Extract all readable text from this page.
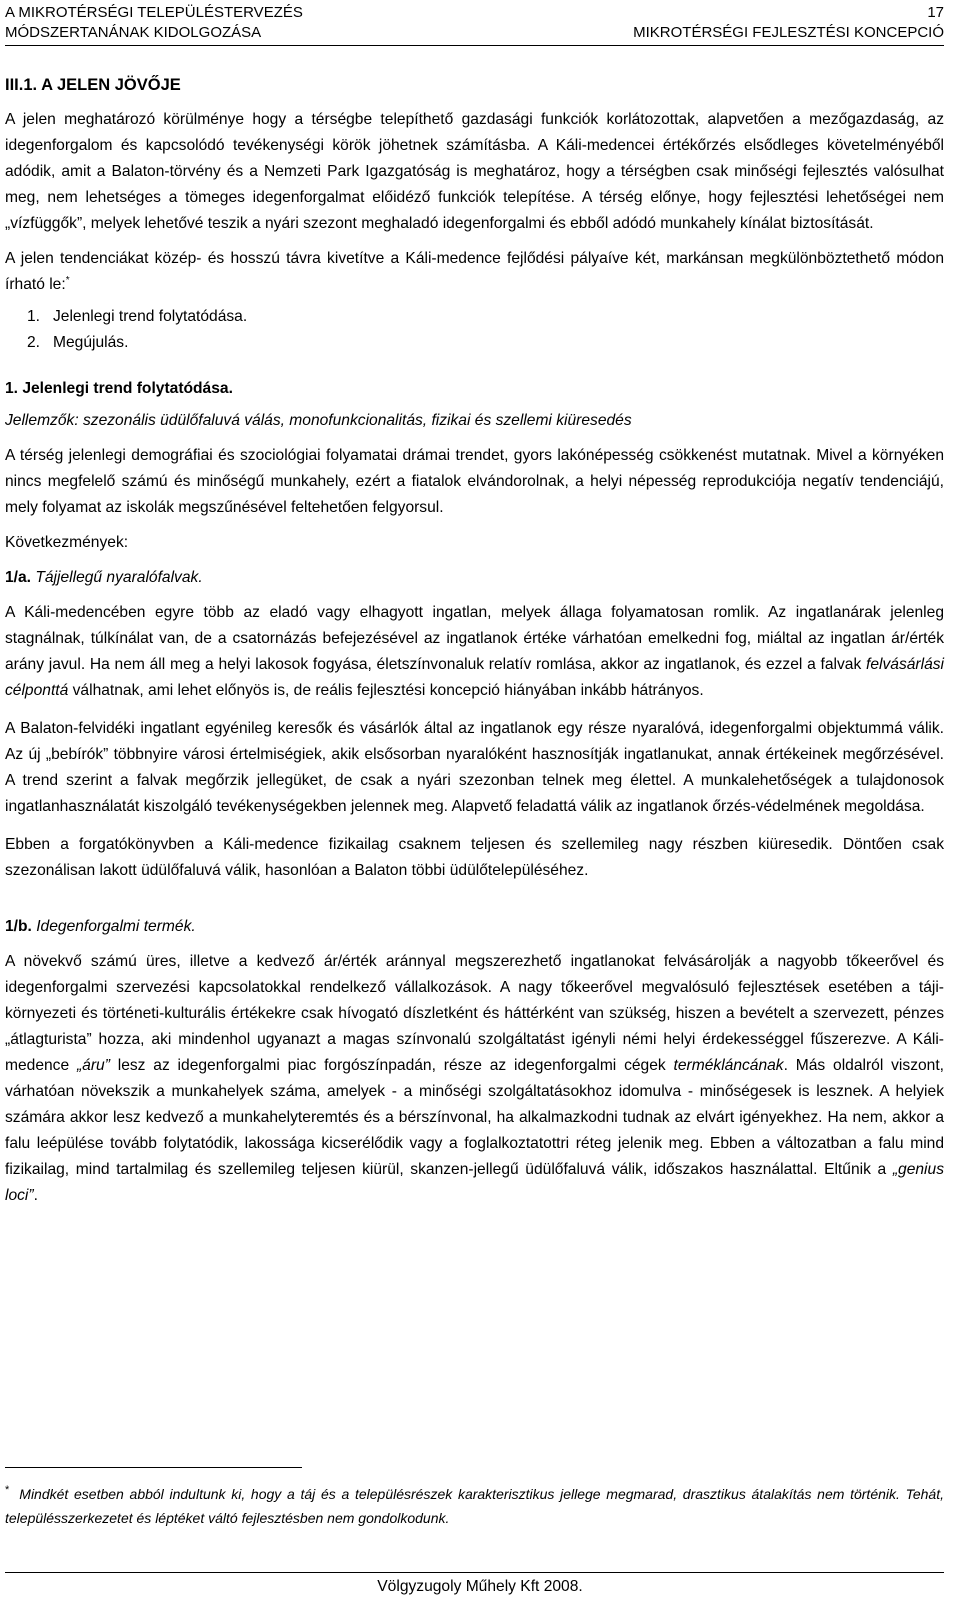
A MIKROTÉRSÉGI TELEPÜLÉSTERVEZÉS	17
MÓDSZERTANÁNAK KIDOLGOZÁSA	MIKROTÉRSÉGI FEJLESZTÉSI KONCEPCIÓ
III.1. A JELEN JÖVŐJE

A jelen meghatározó körülménye hogy a térségbe telepíthető gazdasági funkciók korlátozottak, alapvetően a mezőgazdaság, az idegenforgalom és kapcsolódó tevékenységi körök jöhetnek számításba. A Káli-medencei értékőrzés elsődleges követelményéből adódik, amit a Balaton-törvény és a Nemzeti Park Igazgatóság is meghatároz, hogy a térségben csak minőségi fejlesztés valósulhat meg, nem lehetséges a tömeges idegenforgalmat előidéző funkciók telepítése. A térség előnye, hogy fejlesztési lehetőségei nem „vízfüggők”, melyek lehetővé teszik a nyári szezont meghaladó idegenforgalmi és ebből adódó munkahely kínálat biztosítását.

A jelen tendenciákat közép- és hosszú távra kivetítve a Káli-medence fejlődési pályaíve két, markánsan megkülönböztethető módon írható le:*

1. Jelenlegi trend folytatódása.
2. Megújulás.

1. Jelenlegi trend folytatódása.

Jellemzők: szezonális üdülőfaluvá válás, monofunkcionalitás, fizikai és szellemi kiüresedés

A térség jelenlegi demográfiai és szociológiai folyamatai drámai trendet, gyors lakónépesség csökkenést mutatnak. Mivel a környéken nincs megfelelő számú és minőségű munkahely, ezért a fiatalok elvándorolnak, a helyi népesség reprodukciója negatív tendenciájú, mely folyamat az iskolák megszűnésével feltehetően felgyorsul.

Következmények:

1/a. Tájjellegű nyaralófalvak.

A Káli-medencében egyre több az eladó vagy elhagyott ingatlan, melyek állaga folyamatosan romlik. Az ingatlanárak jelenleg stagnálnak, túlkínálat van, de a csatornázás befejezésével az ingatlanok értéke várhatóan emelkedni fog, miáltal az ingatlan ár/érték arány javul. Ha nem áll meg a helyi lakosok fogyása, életszínvonaluk relatív romlása, akkor az ingatlanok, és ezzel a falvak felvásárlási célponttá válhatnak, ami lehet előnyös is, de reális fejlesztési koncepció hiányában inkább hátrányos.

A Balaton-felvidéki ingatlant egyénileg keresők és vásárlók által az ingatlanok egy része nyaralóvá, idegenforgalmi objektummá válik. Az új „bebírók” többnyire városi értelmiségiek, akik elsősorban nyaralóként hasznosítják ingatlanukat, annak értékeinek megőrzésével. A trend szerint a falvak megőrzik jellegüket, de csak a nyári szezonban telnek meg élettel. A munkalehetőségek a tulajdonosok ingatlanhasználatát kiszolgáló tevékenységekben jelennek meg. Alapvető feladattá válik az ingatlanok őrzés-védelmének megoldása.

Ebben a forgatókönyvben a Káli-medence fizikailag csaknem teljesen és szellemileg nagy részben kiüresedik. Döntően csak szezonálisan lakott üdülőfaluvá válik, hasonlóan a Balaton többi üdülőtelepüléséhez.

1/b. Idegenforgalmi termék.

A növekvő számú üres, illetve a kedvező ár/érték aránnyal megszerezhető ingatlanokat felvásárolják a nagyobb tőkeerővel és idegenforgalmi szervezési kapcsolatokkal rendelkező vállalkozások. A nagy tőkeerővel megvalósuló fejlesztések esetében a táji-környezeti és történeti-kulturális értékekre csak hívogató díszletként és háttérként van szükség, hiszen a bevételt a szervezett, pénzes „átlagturista” hozza, aki mindenhol ugyanazt a magas színvonalú szolgáltatást igényli némi helyi érdekességgel fűszerezve. A Káli-medence „áru” lesz az idegenforgalmi piac forgószínpadán, része az idegenforgalmi cégek termékláncának. Más oldalról viszont, várhatóan növekszik a munkahelyek száma, amelyek - a minőségi szolgáltatásokhoz idomulva - minőségesek is lesznek. A helyiek számára akkor lesz kedvező a munkahelyteremtés és a bérszínvonal, ha alkalmazkodni tudnak az elvárt igényekhez. Ha nem, akkor a falu leépülése tovább folytatódik, lakossága kicserélődik vagy a foglalkoztatottri réteg jelenik meg. Ebben a változatban a falu mind fizikailag, mind tartalmilag és szellemileg teljesen kiürül, skanzen-jellegű üdülőfaluvá válik, időszakos használattal. Eltűnik a „genius loci”.

* Mindkét esetben abból indultunk ki, hogy a táj és a településrészek karakterisztikus jellege megmarad, drasztikus átalakítás nem történik. Tehát, településszerkezetet és léptéket váltó fejlesztésben nem gondolkodunk.
Völgyzugoly Műhely Kft 2008.
